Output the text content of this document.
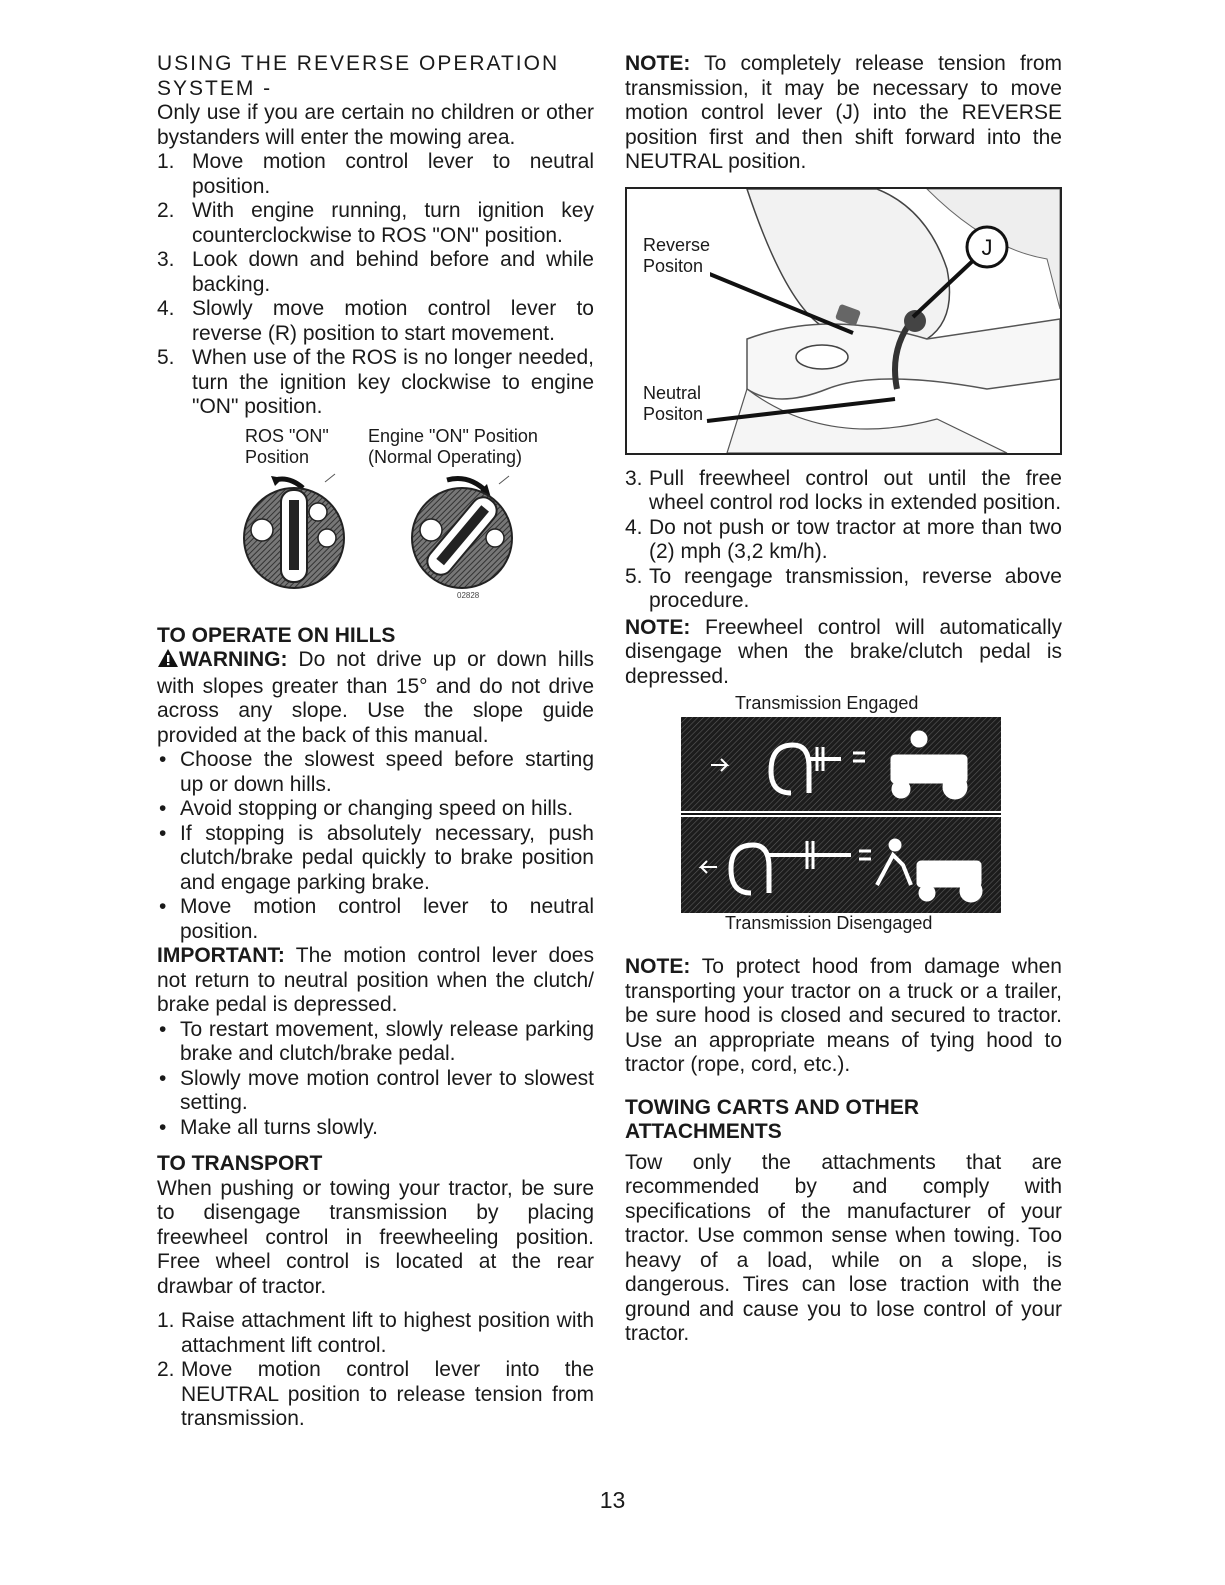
USING THE REVERSE OPERATION SYSTEM -

Only use if you are certain no children or other bystanders will enter the mowing area.

1. Move motion control lever to neutral position.
2. With engine running, turn ignition key counterclockwise to ROS "ON" position.
3. Look down and behind before and while backing.
4. Slowly move motion control lever to reverse (R) position to start movement.
5. When use of the ROS is no longer needed, turn the ignition key clockwise to engine "ON" position.
ROS "ON"
Position
Engine "ON" Position
(Normal Operating)
02828
TO OPERATE ON HILLS

WARNING: Do not drive up or down hills with slopes greater than 15° and do not drive across any slope. Use the slope guide provided at the back of this manual.

• Choose the slowest speed before starting up or down hills.
• Avoid stopping or changing speed on hills.
• If stopping is absolutely necessary, push clutch/brake pedal quickly to brake position and engage parking brake.
• Move motion control lever to neutral position.

IMPORTANT: The motion control lever does not return to neutral position when the clutch/ brake pedal is depressed.

• To restart movement, slowly release parking brake and clutch/brake pedal.
• Slowly move motion control lever to slowest setting.
• Make all turns slowly.
TO TRANSPORT

When pushing or towing your tractor, be sure to disengage transmission by placing freewheel control in freewheeling position. Free wheel control is located at the rear drawbar of tractor.

1. Raise attachment lift to highest position with attachment lift control.
2. Move motion control lever into the NEUTRAL position to release tension from transmission.

NOTE: To completely release tension from transmission, it may be necessary to move motion control lever (J) into the REVERSE position first and then shift forward into the NEUTRAL position.

J
Reverse
Positon
Neutral
Positon
3. Pull freewheel control out until the free wheel control rod locks in extended position.
4. Do not push or tow tractor at more than two (2) mph (3,2 km/h).
5. To reengage transmission, reverse above procedure.

NOTE: Freewheel control will automatically disengage when the brake/clutch pedal is depressed.

Transmission Engaged
Transmission Disengaged

NOTE: To protect hood from damage when transporting your tractor on a truck or a trailer, be sure hood is closed and secured to tractor. Use an appropriate means of tying hood to tractor (rope, cord, etc.).

TOWING CARTS AND OTHER ATTACHMENTS

Tow only the attachments that are recommended by and comply with specifications of the manufacturer of your tractor. Use common sense when towing. Too heavy of a load, while on a slope, is dangerous. Tires can lose traction with the ground and cause you to lose control of your tractor.

13
